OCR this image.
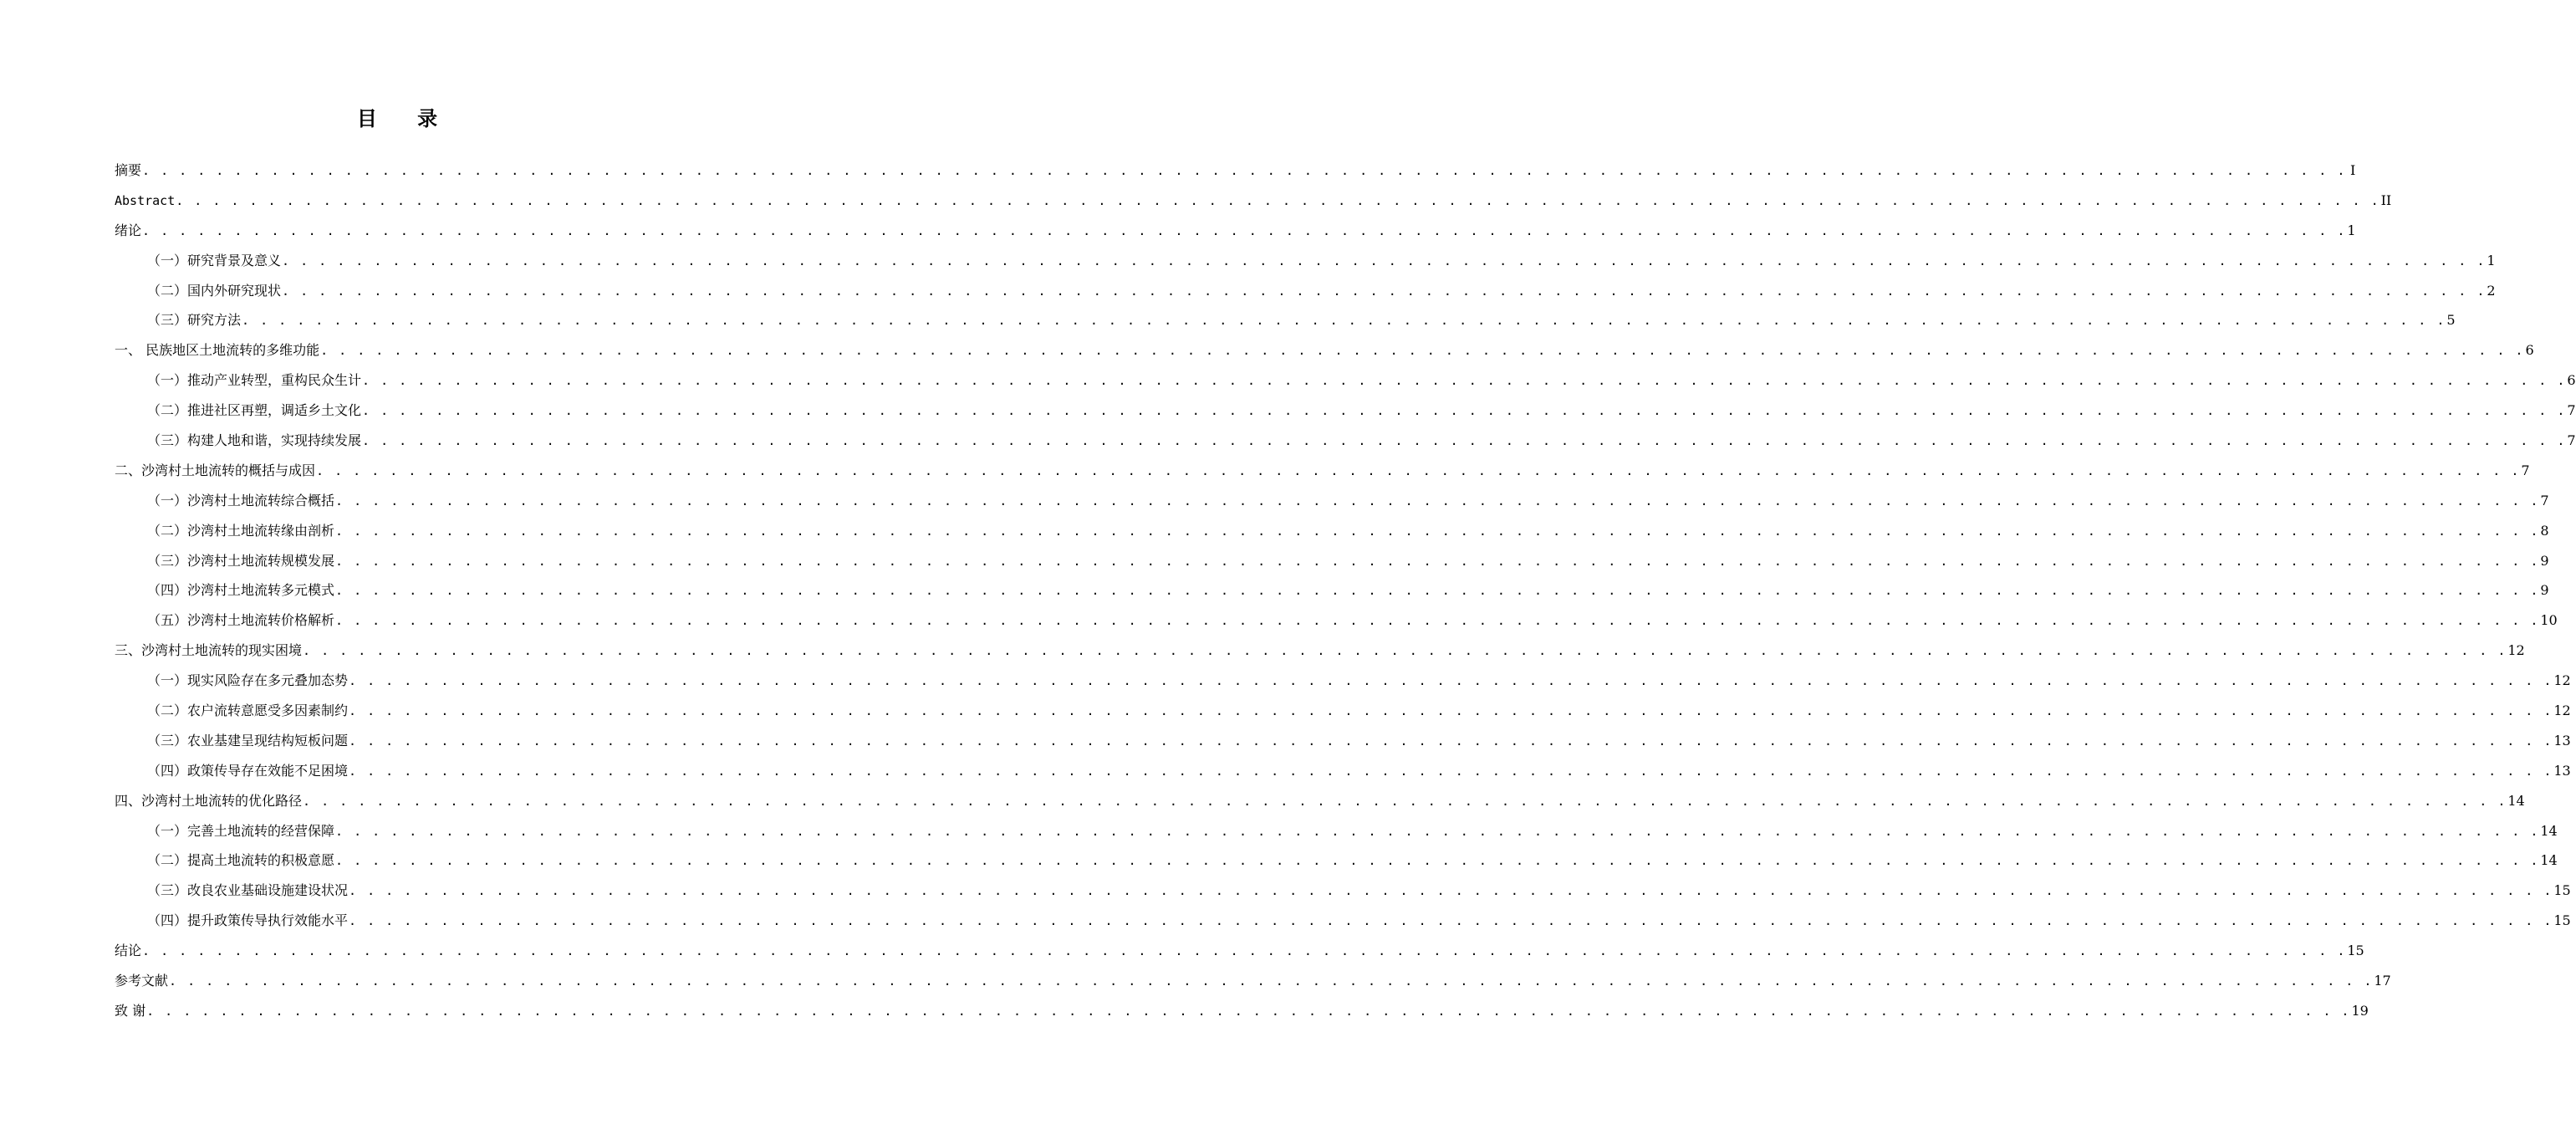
目 录
摘要 . . . . . . . . . . . . . . . . . . . . . . . . . . . . . . . . . . . . . . . . . . . . . . . . . . . . . . . . . . . . . . . . . . . . . . . . . . . . . . . . . . . . . . . . . . . . . . . . . . . . . . . . . . . . . . . . . . . . . . . . I
Abstract . . . . . . . . . . . . . . . . . . . . . . . . . . . . . . . . . . . . . . . . . . . . . . . . . . . . . . . . . . . . . . . . . . . . . . . . . . . . . . . . . . . . . . . . . . . . . . . . . . . . . . . . . . . . . . . . . . . . . . . . II
绪论 . . . . . . . . . . . . . . . . . . . . . . . . . . . . . . . . . . . . . . . . . . . . . . . . . . . . . . . . . . . . . . . . . . . . . . . . . . . . . . . . . . . . . . . . . . . . . . . . . . . . . . . . . . . . . . . . . . . . . . . . 1
（一）研究背景及意义 . . . . . . . . . . . . . . . . . . . . . . . . . . . . . . . . . . . . . . . . . . . . . . . . . . . . . . . . . . . . . . . . . . . . . . . . . . . . . . . . . . . . . . . . . . . . . . . . . . . . . . . . . . . . . . . . . . . . . . . . 1
（二）国内外研究现状 . . . . . . . . . . . . . . . . . . . . . . . . . . . . . . . . . . . . . . . . . . . . . . . . . . . . . . . . . . . . . . . . . . . . . . . . . . . . . . . . . . . . . . . . . . . . . . . . . . . . . . . . . . . . . . . . . . . . . . . . 2
（三）研究方法 . . . . . . . . . . . . . . . . . . . . . . . . . . . . . . . . . . . . . . . . . . . . . . . . . . . . . . . . . . . . . . . . . . . . . . . . . . . . . . . . . . . . . . . . . . . . . . . . . . . . . . . . . . . . . . . . . . . . . . . . 5
一、 民族地区土地流转的多维功能 . . . . . . . . . . . . . . . . . . . . . . . . . . . . . . . . . . . . . . . . . . . . . . . . . . . . . . . . . . . . . . . . . . . . . . . . . . . . . . . . . . . . . . . . . . . . . . . . . . . . . . . . . . . . . . . . . . . . . . . . 6
（一）推动产业转型，重构民众生计 . . . . . . . . . . . . . . . . . . . . . . . . . . . . . . . . . . . . . . . . . . . . . . . . . . . . . . . . . . . . . . . . . . . . . . . . . . . . . . . . . . . . . . . . . . . . . . . . . . . . . . . . . . . . . . . . . . . . . . . . 6
（二）推进社区再塑，调适乡土文化 . . . . . . . . . . . . . . . . . . . . . . . . . . . . . . . . . . . . . . . . . . . . . . . . . . . . . . . . . . . . . . . . . . . . . . . . . . . . . . . . . . . . . . . . . . . . . . . . . . . . . . . . . . . . . . . . . . . . . . . . 7
（三）构建人地和谐，实现持续发展 . . . . . . . . . . . . . . . . . . . . . . . . . . . . . . . . . . . . . . . . . . . . . . . . . . . . . . . . . . . . . . . . . . . . . . . . . . . . . . . . . . . . . . . . . . . . . . . . . . . . . . . . . . . . . . . . . . . . . . . . 7
二、沙湾村土地流转的概括与成因 . . . . . . . . . . . . . . . . . . . . . . . . . . . . . . . . . . . . . . . . . . . . . . . . . . . . . . . . . . . . . . . . . . . . . . . . . . . . . . . . . . . . . . . . . . . . . . . . . . . . . . . . . . . . . . . . . . . . . . . . 7
（一）沙湾村土地流转综合概括 . . . . . . . . . . . . . . . . . . . . . . . . . . . . . . . . . . . . . . . . . . . . . . . . . . . . . . . . . . . . . . . . . . . . . . . . . . . . . . . . . . . . . . . . . . . . . . . . . . . . . . . . . . . . . . . . . . . . . . . . 7
（二）沙湾村土地流转缘由剖析 . . . . . . . . . . . . . . . . . . . . . . . . . . . . . . . . . . . . . . . . . . . . . . . . . . . . . . . . . . . . . . . . . . . . . . . . . . . . . . . . . . . . . . . . . . . . . . . . . . . . . . . . . . . . . . . . . . . . . . . . 8
（三）沙湾村土地流转规模发展 . . . . . . . . . . . . . . . . . . . . . . . . . . . . . . . . . . . . . . . . . . . . . . . . . . . . . . . . . . . . . . . . . . . . . . . . . . . . . . . . . . . . . . . . . . . . . . . . . . . . . . . . . . . . . . . . . . . . . . . . 9
（四）沙湾村土地流转多元模式 . . . . . . . . . . . . . . . . . . . . . . . . . . . . . . . . . . . . . . . . . . . . . . . . . . . . . . . . . . . . . . . . . . . . . . . . . . . . . . . . . . . . . . . . . . . . . . . . . . . . . . . . . . . . . . . . . . . . . . . . 9
（五）沙湾村土地流转价格解析 . . . . . . . . . . . . . . . . . . . . . . . . . . . . . . . . . . . . . . . . . . . . . . . . . . . . . . . . . . . . . . . . . . . . . . . . . . . . . . . . . . . . . . . . . . . . . . . . . . . . . . . . . . . . . . . . . . . . . . . . 10
三、沙湾村土地流转的现实困境 . . . . . . . . . . . . . . . . . . . . . . . . . . . . . . . . . . . . . . . . . . . . . . . . . . . . . . . . . . . . . . . . . . . . . . . . . . . . . . . . . . . . . . . . . . . . . . . . . . . . . . . . . . . . . . . . . . . . . . . . 12
（一）现实风险存在多元叠加态势 . . . . . . . . . . . . . . . . . . . . . . . . . . . . . . . . . . . . . . . . . . . . . . . . . . . . . . . . . . . . . . . . . . . . . . . . . . . . . . . . . . . . . . . . . . . . . . . . . . . . . . . . . . . . . . . . . . . . . . . . 12
（二）农户流转意愿受多因素制约 . . . . . . . . . . . . . . . . . . . . . . . . . . . . . . . . . . . . . . . . . . . . . . . . . . . . . . . . . . . . . . . . . . . . . . . . . . . . . . . . . . . . . . . . . . . . . . . . . . . . . . . . . . . . . . . . . . . . . . . . 12
（三）农业基建呈现结构短板问题 . . . . . . . . . . . . . . . . . . . . . . . . . . . . . . . . . . . . . . . . . . . . . . . . . . . . . . . . . . . . . . . . . . . . . . . . . . . . . . . . . . . . . . . . . . . . . . . . . . . . . . . . . . . . . . . . . . . . . . . . 13
（四）政策传导存在效能不足困境 . . . . . . . . . . . . . . . . . . . . . . . . . . . . . . . . . . . . . . . . . . . . . . . . . . . . . . . . . . . . . . . . . . . . . . . . . . . . . . . . . . . . . . . . . . . . . . . . . . . . . . . . . . . . . . . . . . . . . . . . 13
四、沙湾村土地流转的优化路径 . . . . . . . . . . . . . . . . . . . . . . . . . . . . . . . . . . . . . . . . . . . . . . . . . . . . . . . . . . . . . . . . . . . . . . . . . . . . . . . . . . . . . . . . . . . . . . . . . . . . . . . . . . . . . . . . . . . . . . . . 14
（一）完善土地流转的经营保障 . . . . . . . . . . . . . . . . . . . . . . . . . . . . . . . . . . . . . . . . . . . . . . . . . . . . . . . . . . . . . . . . . . . . . . . . . . . . . . . . . . . . . . . . . . . . . . . . . . . . . . . . . . . . . . . . . . . . . . . . 14
（二）提高土地流转的积极意愿 . . . . . . . . . . . . . . . . . . . . . . . . . . . . . . . . . . . . . . . . . . . . . . . . . . . . . . . . . . . . . . . . . . . . . . . . . . . . . . . . . . . . . . . . . . . . . . . . . . . . . . . . . . . . . . . . . . . . . . . . 14
（三）改良农业基础设施建设状况 . . . . . . . . . . . . . . . . . . . . . . . . . . . . . . . . . . . . . . . . . . . . . . . . . . . . . . . . . . . . . . . . . . . . . . . . . . . . . . . . . . . . . . . . . . . . . . . . . . . . . . . . . . . . . . . . . . . . . . . . 15
（四）提升政策传导执行效能水平 . . . . . . . . . . . . . . . . . . . . . . . . . . . . . . . . . . . . . . . . . . . . . . . . . . . . . . . . . . . . . . . . . . . . . . . . . . . . . . . . . . . . . . . . . . . . . . . . . . . . . . . . . . . . . . . . . . . . . . . . 15
结论 . . . . . . . . . . . . . . . . . . . . . . . . . . . . . . . . . . . . . . . . . . . . . . . . . . . . . . . . . . . . . . . . . . . . . . . . . . . . . . . . . . . . . . . . . . . . . . . . . . . . . . . . . . . . . . . . . . . . . . . . 15
参考文献 . . . . . . . . . . . . . . . . . . . . . . . . . . . . . . . . . . . . . . . . . . . . . . . . . . . . . . . . . . . . . . . . . . . . . . . . . . . . . . . . . . . . . . . . . . . . . . . . . . . . . . . . . . . . . . . . . . . . . . . . 17
致 谢 . . . . . . . . . . . . . . . . . . . . . . . . . . . . . . . . . . . . . . . . . . . . . . . . . . . . . . . . . . . . . . . . . . . . . . . . . . . . . . . . . . . . . . . . . . . . . . . . . . . . . . . . . . . . . . . . . . . . . . . . 19
